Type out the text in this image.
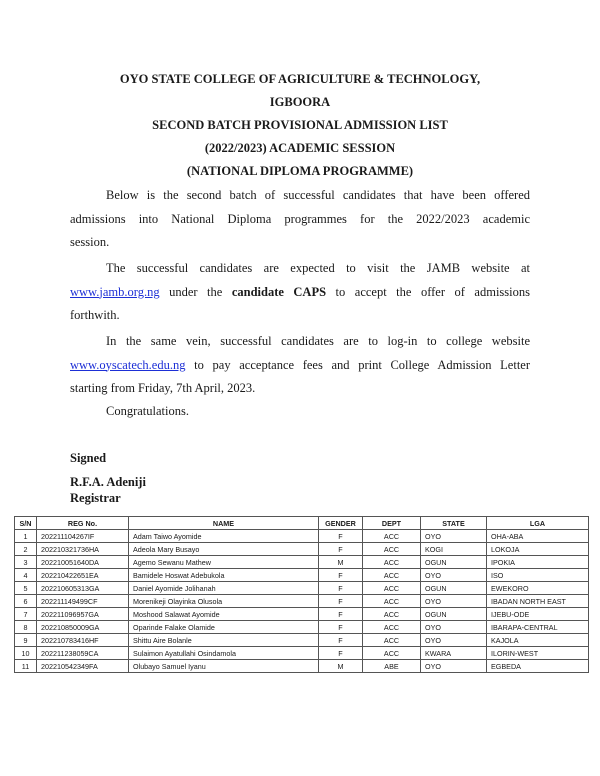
OYO STATE COLLEGE OF AGRICULTURE & TECHNOLOGY,
IGBOORA
SECOND BATCH PROVISIONAL ADMISSION LIST
(2022/2023) ACADEMIC SESSION
(NATIONAL DIPLOMA PROGRAMME)
Below is the second batch of successful candidates that have been offered
admissions into National Diploma programmes for the 2022/2023 academic
session.
The successful candidates are expected to visit the JAMB website at
www.jamb.org.ng under the candidate CAPS to accept the offer of admissions
forthwith.
In the same vein, successful candidates are to log-in to college website
www.oyscatech.edu.ng to pay acceptance fees and print College Admission Letter
starting from Friday, 7th April, 2023.
Congratulations.
Signed
R.F.A. Adeniji
Registrar
S/N	REG No.	NAME	GENDER	DEPT	STATE	LGA
1	202211104267IF	Adam Taiwo Ayomide	F	ACC	OYO	OHA-ABA
2	202210321736HA	Adeola Mary Busayo	F	ACC	KOGI	LOKOJA
3	202210051640DA	Agemo Sewanu Mathew	M	ACC	OGUN	IPOKIA
4	202210422651EA	Bamidele Hoswat Adebukola	F	ACC	OYO	ISO
5	202210605313GA	Daniel Ayomide Jolihanah	F	ACC	OGUN	EWEKORO
6	202211149499CF	Morenikeji Olayinka Olusola	F	ACC	OYO	IBADAN NORTH EAST
7	202211096957GA	Moshood Salawat Ayomide	F	ACC	OGUN	IJEBU-ODE
8	202210850009GA	Oparinde Falake Olamide	F	ACC	OYO	IBARAPA-CENTRAL
9	202210783416HF	Shittu Aire Bolanle	F	ACC	OYO	KAJOLA
10	202211238059CA	Sulaimon Ayatullahi Osindamola	F	ACC	KWARA	ILORIN-WEST
11	202210542349FA	Olubayo Samuel Iyanu	M	ABE	OYO	EGBEDA
